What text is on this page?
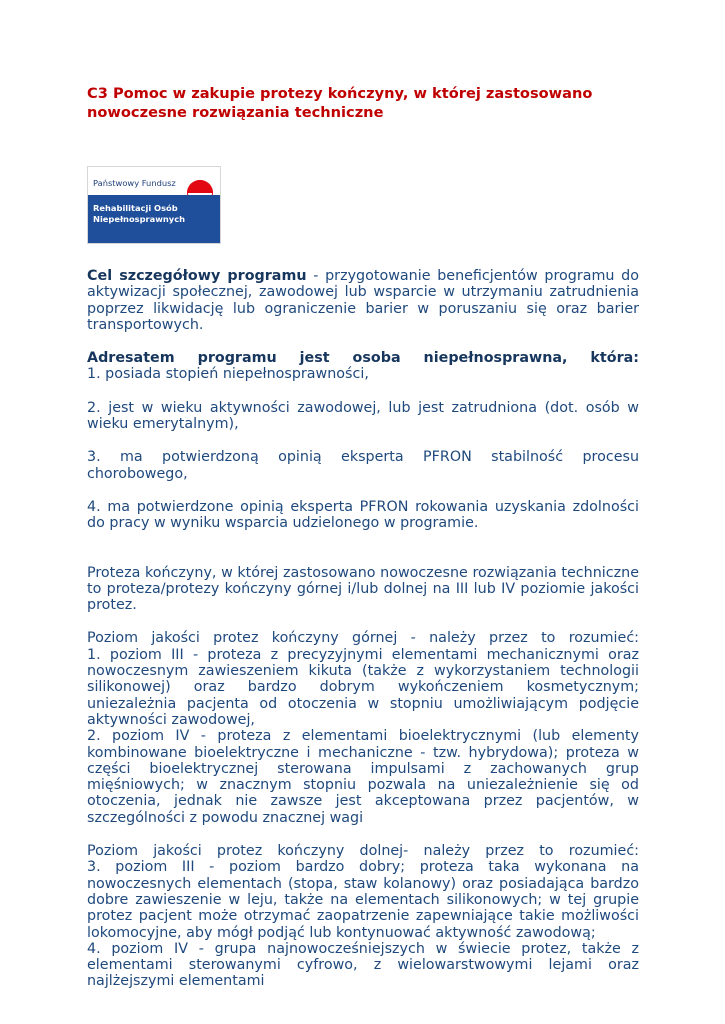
C3 Pomoc w zakupie protezy kończyny, w której zastosowano nowoczesne rozwiązania techniczne

Państwowy Fundusz
Rehabilitacji Osób
Niepełnosprawnych

Cel szczegółowy programu - przygotowanie beneficjentów programu do aktywizacji społecznej, zawodowej lub wsparcie w utrzymaniu zatrudnienia poprzez likwidację lub ograniczenie barier w poruszaniu się oraz barier transportowych.

Adresatem programu jest osoba niepełnosprawna, która:

1. posiada stopień niepełnosprawności,

2. jest w wieku aktywności zawodowej, lub jest zatrudniona (dot. osób w wieku emerytalnym),

3. ma potwierdzoną opinią eksperta PFRON stabilność procesu chorobowego,

4. ma potwierdzone opinią eksperta PFRON rokowania uzyskania zdolności do pracy w wyniku wsparcia udzielonego w programie.

Proteza kończyny, w której zastosowano nowoczesne rozwiązania techniczne to proteza/protezy kończyny górnej i/lub dolnej na III lub IV poziomie jakości protez.

Poziom jakości protez kończyny górnej - należy przez to rozumieć:

1. poziom III - proteza z precyzyjnymi elementami mechanicznymi oraz nowoczesnym zawieszeniem kikuta (także z wykorzystaniem technologii silikonowej) oraz bardzo dobrym wykończeniem kosmetycznym; uniezależnia pacjenta od otoczenia w stopniu umożliwiającym podjęcie aktywności zawodowej,

2. poziom IV - proteza z elementami bioelektrycznymi (lub elementy kombinowane bioelektryczne i mechaniczne - tzw. hybrydowa); proteza w części bioelektrycznej sterowana impulsami z zachowanych grup mięśniowych; w znacznym stopniu pozwala na uniezależnienie się od otoczenia, jednak nie zawsze jest akceptowana przez pacjentów, w szczególności z powodu znacznej wagi

Poziom jakości protez kończyny dolnej- należy przez to rozumieć:

3. poziom III - poziom bardzo dobry; proteza taka wykonana na nowoczesnych elementach (stopa, staw kolanowy) oraz posiadająca bardzo dobre zawieszenie w leju, także na elementach silikonowych; w tej grupie protez pacjent może otrzymać zaopatrzenie zapewniające takie możliwości lokomocyjne, aby mógł podjąć lub kontynuować aktywność zawodową;

4. poziom IV - grupa najnowocześniejszych w świecie protez, także z elementami sterowanymi cyfrowo, z wielowarstwowymi lejami oraz najlżejszymi elementami
